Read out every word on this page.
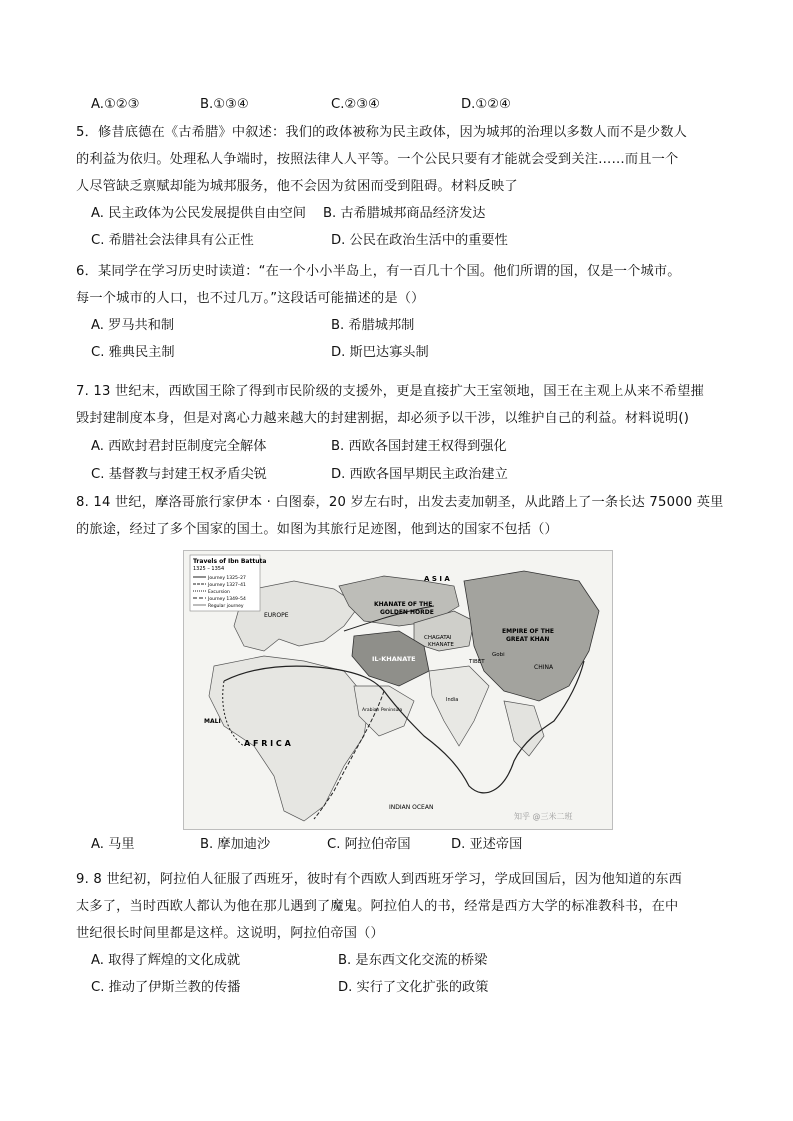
A.①②③	B.①③④	C.②③④	D.①②④
5．修昔底德在《古希腊》中叙述：我们的政体被称为民主政体，因为城邦的治理以多数人而不是少数人
的利益为依归。处理私人争端时，按照法律人人平等。一个公民只要有才能就会受到关注……而且一个
人尽管缺乏禀赋却能为城邦服务，他不会因为贫困而受到阻碍。材料反映了
A. 民主政体为公民发展提供自由空间 B. 古希腊城邦商品经济发达
C. 希腊社会法律具有公正性	D. 公民在政治生活中的重要性
6．某同学在学习历史时读道：“在一个小小半岛上，有一百几十个国。他们所谓的国，仅是一个城市。
每一个城市的人口，也不过几万。”这段话可能描述的是（）
A. 罗马共和制	B. 希腊城邦制
C. 雅典民主制	D. 斯巴达寡头制
7. 13 世纪末，西欧国王除了得到市民阶级的支援外，更是直接扩大王室领地，国王在主观上从来不希望摧
毁封建制度本身，但是对离心力越来越大的封建割据，却必须予以干涉，以维护自己的利益。材料说明()
A. 西欧封君封臣制度完全解体	B. 西欧各国封建王权得到强化
C. 基督教与封建王权矛盾尖锐	D. 西欧各国早期民主政治建立
8. 14 世纪，摩洛哥旅行家伊本 · 白图泰，20 岁左右时，出发去麦加朝圣，从此踏上了一条长达 75000 英里
的旅途，经过了多个国家的国土。如图为其旅行足迹图，他到达的国家不包括（）
Travels of Ibn Battuta
1325 – 1354
Journey 1325–27
Journey 1327–41
Excursion
Journey 1349–54
Regular journey
A S I A
KHANATE OF THE
GOLDEN HORDE
CHAGATAI
KHANATE
IL-KHANATE
EMPIRE OF THE
GREAT KHAN
EUROPE
A F R I C A
MALI
INDIAN OCEAN
TIBET
CHINA
Gobi
Arabian Peninsula
India
知乎 @三米二班
A. 马里	B. 摩加迪沙	C. 阿拉伯帝国	D. 亚述帝国
9. 8 世纪初，阿拉伯人征服了西班牙，彼时有个西欧人到西班牙学习，学成回国后，因为他知道的东西
太多了，当时西欧人都认为他在那儿遇到了魔鬼。阿拉伯人的书，经常是西方大学的标准教科书，在中
世纪很长时间里都是这样。这说明，阿拉伯帝国（）
A. 取得了辉煌的文化成就	B. 是东西文化交流的桥梁
C. 推动了伊斯兰教的传播	D. 实行了文化扩张的政策
